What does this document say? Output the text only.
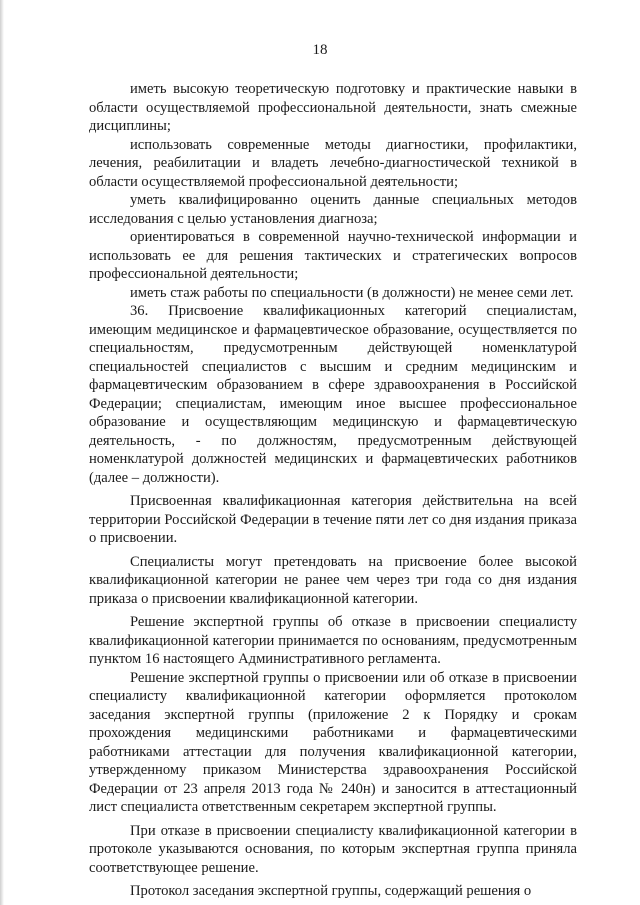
18

иметь высокую теоретическую подготовку и практические навыки в области осуществляемой профессиональной деятельности, знать смежные дисциплины;

использовать современные методы диагностики, профилактики, лечения, реабилитации и владеть лечебно-диагностической техникой в области осуществляемой профессиональной деятельности;

уметь квалифицированно оценить данные специальных методов исследования с целью установления диагноза;

ориентироваться в современной научно-технической информации и использовать ее для решения тактических и стратегических вопросов профессиональной деятельности;

иметь стаж работы по специальности (в должности) не менее семи лет.

36. Присвоение квалификационных категорий специалистам, имеющим медицинское и фармацевтическое образование, осуществляется по специальностям, предусмотренным действующей номенклатурой специальностей специалистов с высшим и средним медицинским и фармацевтическим образованием в сфере здравоохранения в Российской Федерации; специалистам, имеющим иное высшее профессиональное образование и осуществляющим медицинскую и фармацевтическую деятельность, - по должностям, предусмотренным действующей номенклатурой должностей медицинских и фармацевтических работников (далее – должности).

Присвоенная квалификационная категория действительна на всей территории Российской Федерации в течение пяти лет со дня издания приказа о присвоении.

Специалисты могут претендовать на присвоение более высокой квалификационной категории не ранее чем через три года со дня издания приказа о присвоении квалификационной категории.

Решение экспертной группы об отказе в присвоении специалисту квалификационной категории принимается по основаниям, предусмотренным пунктом 16 настоящего Административного регламента.

Решение экспертной группы о присвоении или об отказе в присвоении специалисту квалификационной категории оформляется протоколом заседания экспертной группы (приложение 2 к Порядку и срокам прохождения медицинскими работниками и фармацевтическими работниками аттестации для получения квалификационной категории, утвержденному приказом Министерства здравоохранения Российской Федерации от 23 апреля 2013 года № 240н) и заносится в аттестационный лист специалиста ответственным секретарем экспертной группы.

При отказе в присвоении специалисту квалификационной категории в протоколе указываются основания, по которым экспертная группа приняла соответствующее решение.

Протокол заседания экспертной группы, содержащий решения о
